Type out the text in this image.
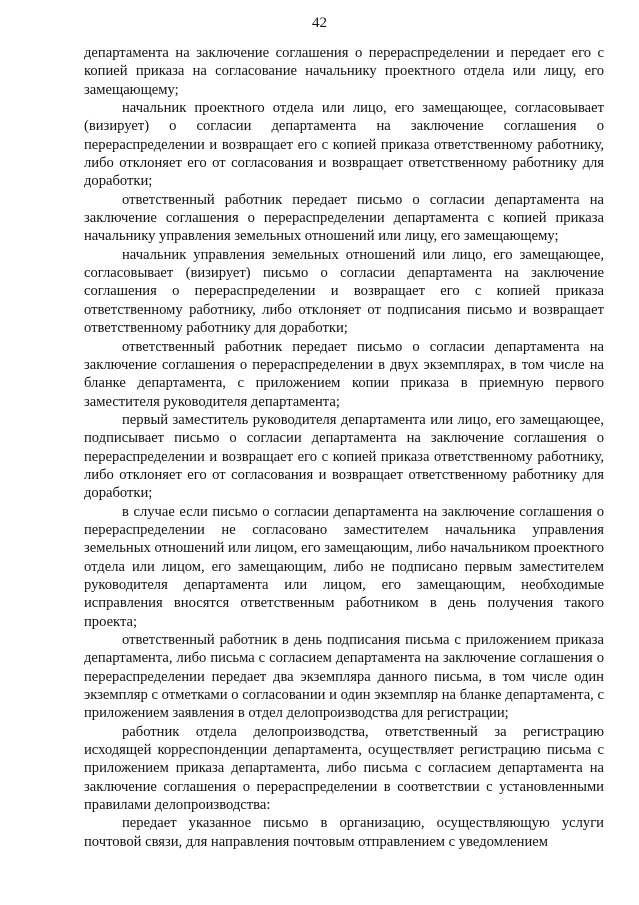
42

департамента на заключение соглашения о перераспределении и передает его с копией приказа на согласование начальнику проектного отдела или лицу, его замещающему;

начальник проектного отдела или лицо, его замещающее, согласовывает (визирует) о согласии департамента на заключение соглашения о перераспределении и возвращает его с копией приказа ответственному работнику, либо отклоняет его от согласования и возвращает ответственному работнику для доработки;

ответственный работник передает письмо о согласии департамента на заключение соглашения о перераспределении департамента с копией приказа начальнику управления земельных отношений или лицу, его замещающему;

начальник управления земельных отношений или лицо, его замещающее, согласовывает (визирует) письмо о согласии департамента на заключение соглашения о перераспределении и возвращает его с копией приказа ответственному работнику, либо отклоняет от подписания письмо и возвращает ответственному работнику для доработки;

ответственный работник передает письмо о согласии департамента на заключение соглашения о перераспределении в двух экземплярах, в том числе на бланке департамента, с приложением копии приказа в приемную первого заместителя руководителя департамента;

первый заместитель руководителя департамента или лицо, его замещающее, подписывает письмо о согласии департамента на заключение соглашения о перераспределении и возвращает его с копией приказа ответственному работнику, либо отклоняет его от согласования и возвращает ответственному работнику для доработки;

в случае если письмо о согласии департамента на заключение соглашения о перераспределении не согласовано заместителем начальника управления земельных отношений или лицом, его замещающим, либо начальником проектного отдела или лицом, его замещающим, либо не подписано первым заместителем руководителя департамента или лицом, его замещающим, необходимые исправления вносятся ответственным работником в день получения такого проекта;

ответственный работник в день подписания письма с приложением приказа департамента, либо письма с согласием департамента на заключение соглашения о перераспределении передает два экземпляра данного письма, в том числе один экземпляр с отметками о согласовании и один экземпляр на бланке департамента, с приложением заявления в отдел делопроизводства для регистрации;

работник отдела делопроизводства, ответственный за регистрацию исходящей корреспонденции департамента, осуществляет регистрацию письма с приложением приказа департамента, либо письма с согласием департамента на заключение соглашения о перераспределении в соответствии с установленными правилами делопроизводства:

передает указанное письмо в организацию, осуществляющую услуги почтовой связи, для направления почтовым отправлением с уведомлением
